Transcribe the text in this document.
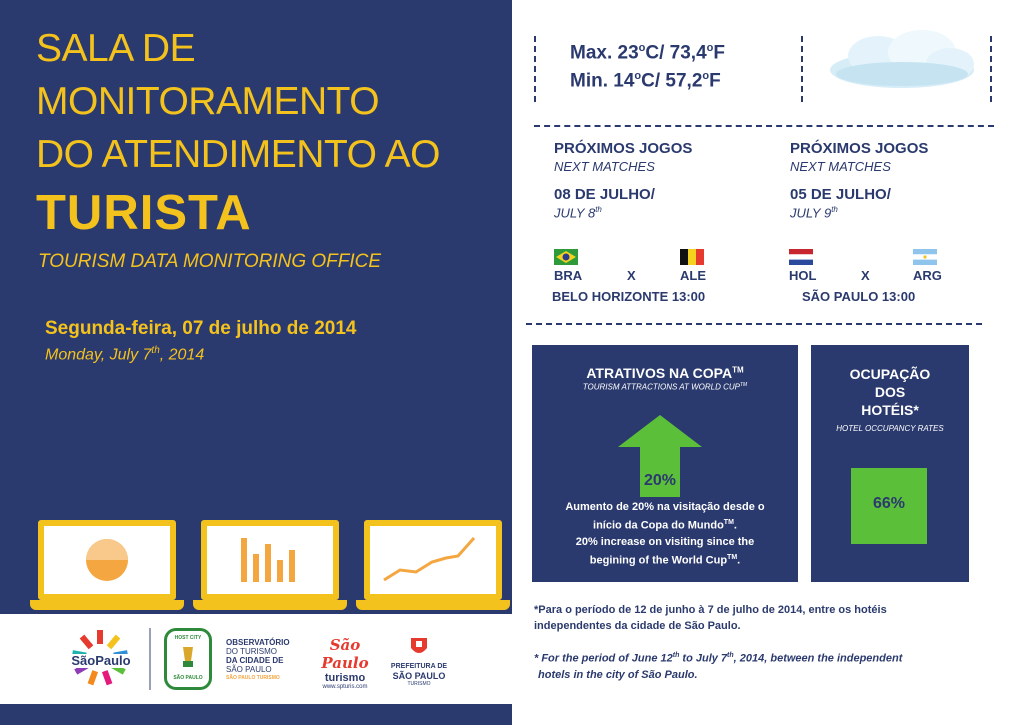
SALA DE
MONITORAMENTO
DO ATENDIMENTO AO
TURISTA
TOURISM DATA MONITORING OFFICE
Segunda-feira, 07 de julho de 2014
Monday, July 7th, 2014
SãoPaulo
HOST CITY
SÃO PAULO
OBSERVATÓRIO
DO TURISMO
DA CIDADE DE
SÃO PAULO
SÃO PAULO TURISMO
São Paulo
turismo
www.spturis.com
PREFEITURA DE
SÃO PAULO
TURISMO
Max. 23$^o$C/ 73,4$^o$F
Min. 14$^o$C/ 57,2$^o$F
PRÓXIMOS JOGOS
NEXT MATCHES
08 DE JULHO/
JULY 8th
BRA	X	ALE
BELO HORIZONTE 13:00
PRÓXIMOS JOGOS
NEXT MATCHES
05 DE JULHO/
JULY 9th
HOL	X	ARG
SÃO PAULO 13:00
ATRATIVOS NA COPA™
TOURISM ATTRACTIONS AT WORLD CUP™
20%
Aumento de 20% na visitação desde o
início da Copa do Mundo™.
20% increase on visiting since the
begining of the World Cup™.
OCUPAÇÃO
DOS
HOTÉIS*
HOTEL OCCUPANCY RATES
66%
*Para o período de 12 de junho à 7 de julho de 2014, entre os hotéis
independentes da cidade de São Paulo.
* For the period of June 12th to July 7th, 2014, between the independent
hotels in the city of São Paulo.
